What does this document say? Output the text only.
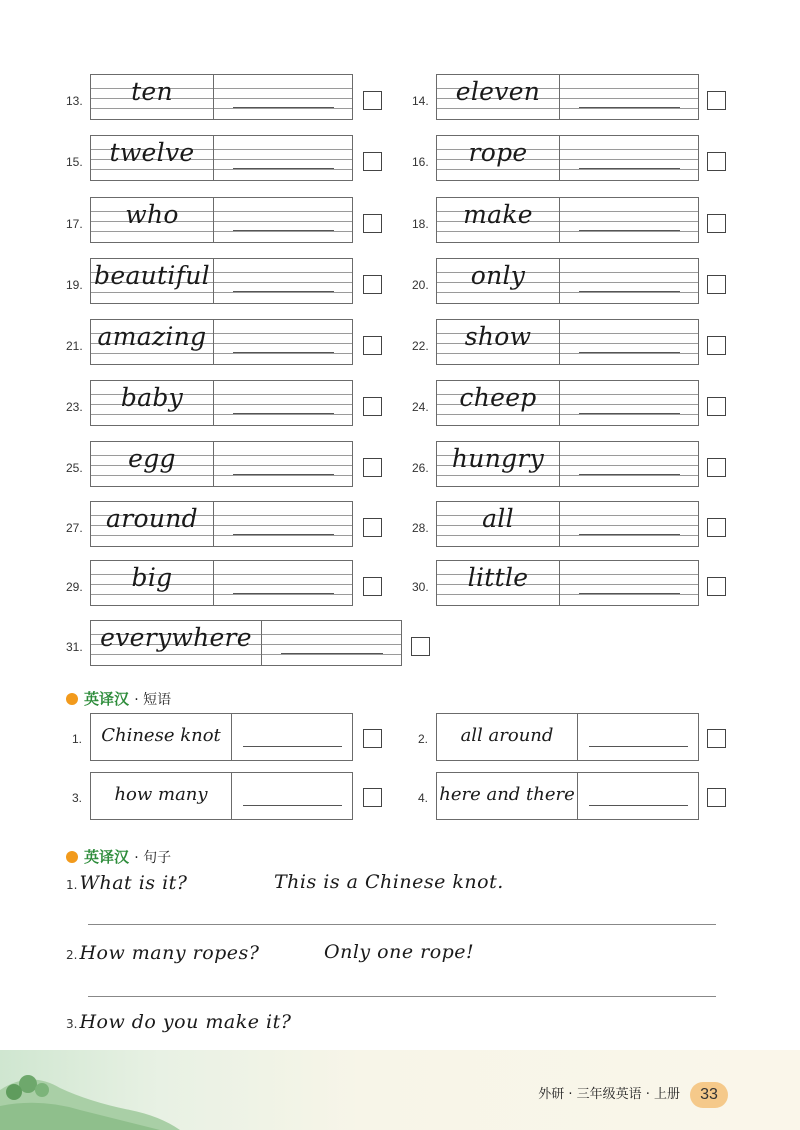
13.	ten	14.	eleven
15.	twelve	16.	rope
17.	who	18.	make
19. beautiful	20.	only
21. amazing	22.	show
23.	baby	24.	cheep
25.	egg	26. hungry
27. around	28.	all
29.	big	30.	little
31. everywhere
英译汉 · 短语
1.	Chinese knot	2.	all around
3.	how many	4. here and there
英译汉 · 句子
1. What is it?	This is a Chinese knot.
2. How many ropes?	Only one rope!
3. How do you make it?
外研 · 三年级英语 · 上册	33
